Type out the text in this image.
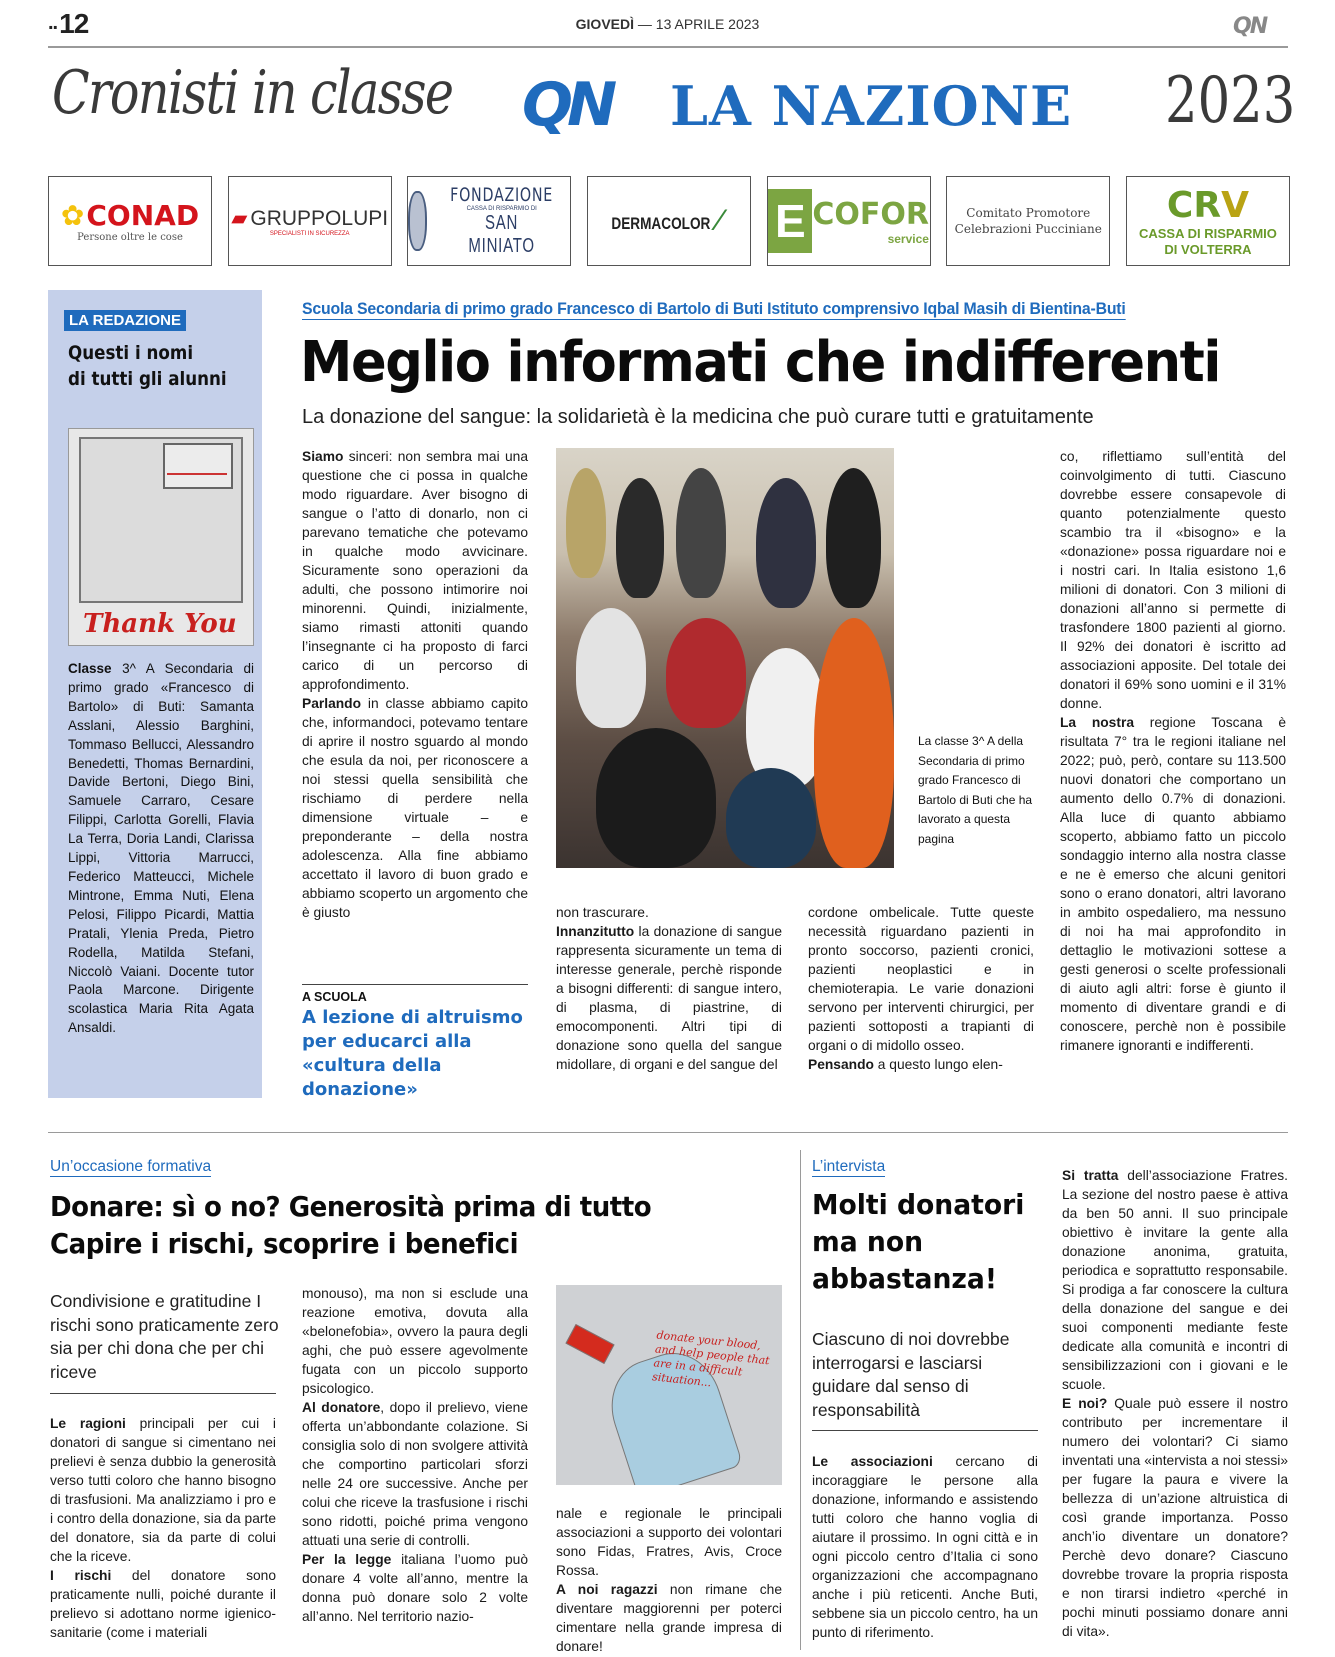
..12	GIOVEDÌ — 13 APRILE 2023	QN
Cronisti in classe QN LA NAZIONE 2023
✿ CONAD
Persone oltre le cose
▰ GRUPPOLUPI
SPECIALISTI IN SICUREZZA
FONDAZIONE
CASSA DI RISPARMIO DI
SAN MINIATO
DERMACOLOR ⟋	E COFOR
service
Comitato Promotore
Celebrazioni Pucciniane
CRV
CASSA DI RISPARMIO
DI VOLTERRA
LA REDAZIONE
Questi i nomi
di tutti gli alunni
Thank You
Classe 3^ A Secondaria di primo grado «Francesco di Bartolo» di Buti: Samanta Asslani, Alessio Barghini, Tommaso Bellucci, Alessandro Benedetti, Thomas Bernardini, Davide Bertoni, Diego Bini, Samuele Carraro, Cesare Filippi, Carlotta Gorelli, Flavia La Terra, Doria Landi, Clarissa Lippi, Vittoria Marrucci, Federico Matteucci, Michele Mintrone, Emma Nuti, Elena Pelosi, Filippo Picardi, Mattia Pratali, Ylenia Preda, Pietro Rodella, Matilda Stefani, Niccolò Vaiani. Docente tutor Paola Marcone. Dirigente scolastica Maria Rita Agata Ansaldi.
Scuola Secondaria di primo grado Francesco di Bartolo di Buti Istituto comprensivo Iqbal Masih di Bientina-Buti
Meglio informati che indifferenti
La donazione del sangue: la solidarietà è la medicina che può curare tutti e gratuitamente

Siamo sinceri: non sembra mai una questione che ci possa in qualche modo riguardare. Aver bisogno di sangue o l’atto di donarlo, non ci parevano tematiche che potevamo in qualche modo avvicinare. Sicuramente sono operazioni da adulti, che possono intimorire noi minorenni. Quindi, inizialmente, siamo rimasti attoniti quando l’insegnante ci ha proposto di farci carico di un percorso di approfondimento.

Parlando in classe abbiamo capito che, informandoci, potevamo tentare di aprire il nostro sguardo al mondo che esula da noi, per riconoscere a noi stessi quella sensibilità che rischiamo di perdere nella dimensione virtuale – e preponderante – della nostra adolescenza. Alla fine abbiamo accettato il lavoro di buon grado e abbiamo scoperto un argomento che è giusto

A SCUOLA
A lezione di altruismo per educarci alla «cultura della donazione»
La classe 3^ A della Secondaria di primo grado Francesco di Bartolo di Buti che ha lavorato a questa pagina

non trascurare.

Innanzitutto la donazione di sangue rappresenta sicuramente un tema di interesse generale, perchè risponde a bisogni differenti: di sangue intero, di plasma, di piastrine, di emocomponenti. Altri tipi di donazione sono quella del sangue midollare, di organi e del sangue del

cordone ombelicale. Tutte queste necessità riguardano pazienti in pronto soccorso, pazienti cronici, pazienti neoplastici e in chemioterapia. Le varie donazioni servono per interventi chirurgici, per pazienti sottoposti a trapianti di organi o di midollo osseo.

Pensando a questo lungo elen-

co, riflettiamo sull’entità del coinvolgimento di tutti. Ciascuno dovrebbe essere consapevole di quanto potenzialmente questo scambio tra il «bisogno» e la «donazione» possa riguardare noi e i nostri cari. In Italia esistono 1,6 milioni di donatori. Con 3 milioni di donazioni all’anno si permette di trasfondere 1800 pazienti al giorno. Il 92% dei donatori è iscritto ad associazioni apposite. Del totale dei donatori il 69% sono uomini e il 31% donne.

La nostra regione Toscana è risultata 7° tra le regioni italiane nel 2022; può, però, contare su 113.500 nuovi donatori che comportano un aumento dello 0.7% di donazioni. Alla luce di quanto abbiamo scoperto, abbiamo fatto un piccolo sondaggio interno alla nostra classe e ne è emerso che alcuni genitori sono o erano donatori, altri lavorano in ambito ospedaliero, ma nessuno di noi ha mai approfondito in dettaglio le motivazioni sottese a gesti generosi o scelte professionali di aiuto agli altri: forse è giunto il momento di diventare grandi e di conoscere, perchè non è possibile rimanere ignoranti e indifferenti.

Un’occasione formativa
Donare: sì o no? Generosità prima di tutto
Capire i rischi, scoprire i benefici
Condivisione e gratitudine I rischi sono praticamente zero sia per chi dona che per chi riceve

Le ragioni principali per cui i donatori di sangue si cimentano nei prelievi è senza dubbio la generosità verso tutti coloro che hanno bisogno di trasfusioni. Ma analizziamo i pro e i contro della donazione, sia da parte del donatore, sia da parte di colui che la riceve.

I rischi del donatore sono praticamente nulli, poiché durante il prelievo si adottano norme igienico-sanitarie (come i materiali

monouso), ma non si esclude una reazione emotiva, dovuta alla «belonefobia», ovvero la paura degli aghi, che può essere agevolmente fugata con un piccolo supporto psicologico.

Al donatore, dopo il prelievo, viene offerta un’abbondante colazione. Si consiglia solo di non svolgere attività che comportino particolari sforzi nelle 24 ore successive. Anche per colui che riceve la trasfusione i rischi sono ridotti, poiché prima vengono attuati una serie di controlli.

Per la legge italiana l’uomo può donare 4 volte all’anno, mentre la donna può donare solo 2 volte all’anno. Nel territorio nazio-

donate your blood, and help people that are in a difficult situation...

nale e regionale le principali associazioni a supporto dei volontari sono Fidas, Fratres, Avis, Croce Rossa.

A noi ragazzi non rimane che diventare maggiorenni per poterci cimentare nella grande impresa di donare!

L’intervista
Molti donatori ma non abbastanza!
Ciascuno di noi dovrebbe interrogarsi e lasciarsi guidare dal senso di responsabilità

Le associazioni cercano di incoraggiare le persone alla donazione, informando e assistendo tutti coloro che hanno voglia di aiutare il prossimo. In ogni città e in ogni piccolo centro d’Italia ci sono organizzazioni che accompagnano anche i più reticenti. Anche Buti, sebbene sia un piccolo centro, ha un punto di riferimento.

Si tratta dell’associazione Fratres. La sezione del nostro paese è attiva da ben 50 anni. Il suo principale obiettivo è invitare la gente alla donazione anonima, gratuita, periodica e soprattutto responsabile. Si prodiga a far conoscere la cultura della donazione del sangue e dei suoi componenti mediante feste dedicate alla comunità e incontri di sensibilizzazioni con i giovani e le scuole.

E noi? Quale può essere il nostro contributo per incrementare il numero dei volontari? Ci siamo inventati una «intervista a noi stessi» per fugare la paura e vivere la bellezza di un’azione altruistica di così grande importanza. Posso anch’io diventare un donatore? Perchè devo donare? Ciascuno dovrebbe trovare la propria risposta e non tirarsi indietro «perché in pochi minuti possiamo donare anni di vita».
